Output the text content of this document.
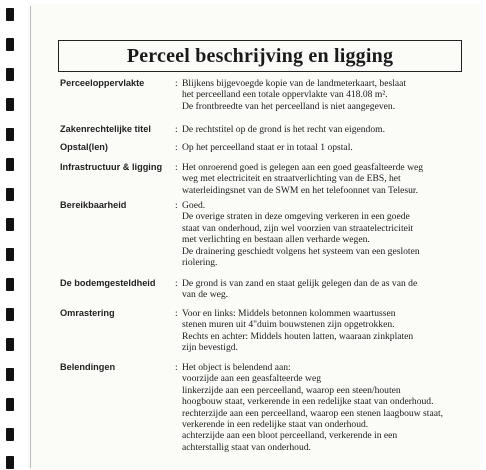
Perceel beschrijving en ligging
Perceeloppervlakte	: Blijkens bijgevoegde kopie van de landmeterkaart, beslaat
het perceelland een totale oppervlakte van 418.08 m².
De frontbreedte van het perceelland is niet aangegeven.
Zakenrechtelijke titel	: De rechtstitel op de grond is het recht van eigendom.
Opstal(len)	: Op het perceelland staat er in totaal 1 opstal.
Infrastructuur & ligging	: Het onroerend goed is gelegen aan een goed geasfalteerde weg
weg met electriciteit en straatverlichting van de EBS, het
waterleidingsnet van de SWM en het telefoonnet van Telesur.
Bereikbaarheid	: Goed.
De overige straten in deze omgeving verkeren in een goede
staat van onderhoud, zijn wel voorzien van straatelectriciteit
met verlichting en bestaan allen verharde wegen.
De drainering geschiedt volgens het systeem van een gesloten
riolering.
De bodemgesteldheid	: De grond is van zand en staat gelijk gelegen dan de as van de
van de weg.
Omrastering	: Voor en links: Middels betonnen kolommen waartussen
stenen muren uit 4"duim bouwstenen zijn opgetrokken.
Rechts en achter: Middels houten latten, waaraan zinkplaten
zijn bevestigd.
Belendingen	: Het object is belendend aan:
voorzijde aan een geasfalteerde weg
linkerzijde aan een perceelland, waarop een steen/houten
hoogbouw staat, verkerende in een redelijke staat van onderhoud.
rechterzijde aan een perceelland, waarop een stenen laagbouw staat,
verkerende in een redelijke staat van onderhoud.
achterzijde aan een bloot perceelland, verkerende in een
achterstallig staat van onderhoud.
